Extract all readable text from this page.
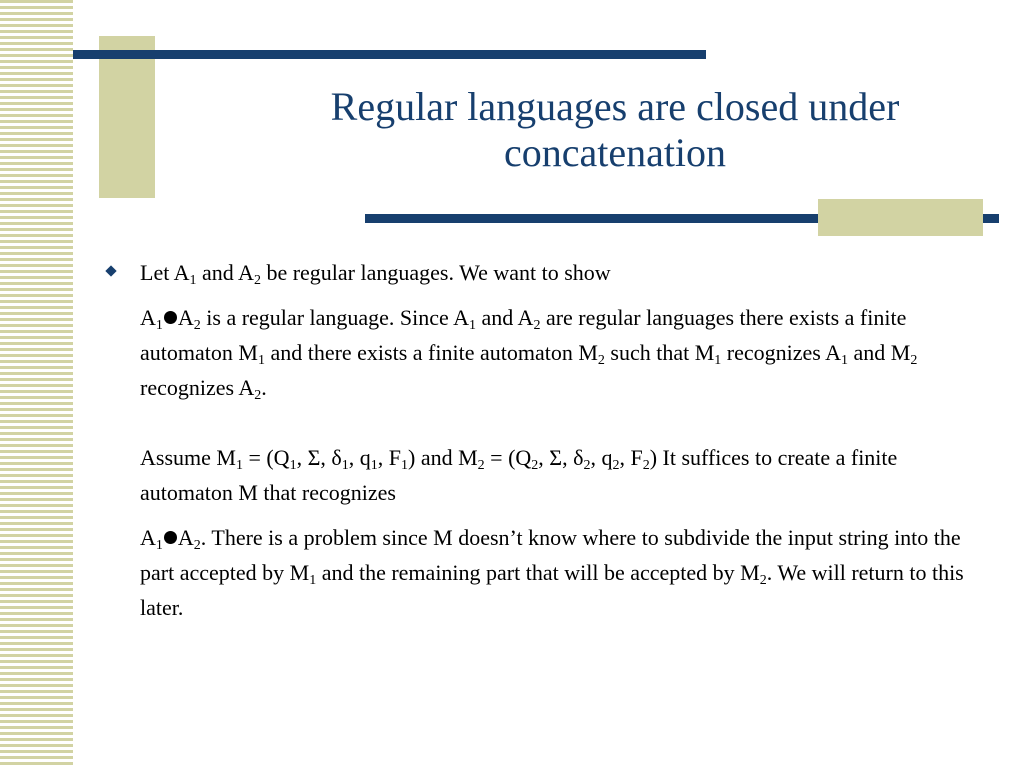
Regular languages are closed under
concatenation

Let $A_1$ and $A_2$ be regular languages. We want to show

$A_1$ $A_2$ is a regular language. Since $A_1$ and $A_2$ are regular languages there exists a finite automaton $M_1$ and there exists a finite automaton $M_2$ such that $M_1$ recognizes $A_1$ and $M_2$ recognizes $A_2$.

Assume $M_1 = (Q_1$, Σ, $\delta_1$, $q_1$, $F_1$) and $M_2 = (Q_2$, Σ, $\delta_2$, $q_2$, $F_2$) It suffices to create a finite automaton M that recognizes

$A_1$ $A_2$. There is a problem since M doesn’t know where to subdivide the input string into the part accepted by $M_1$ and the remaining part that will be accepted by $M_2$. We will return to this later.
